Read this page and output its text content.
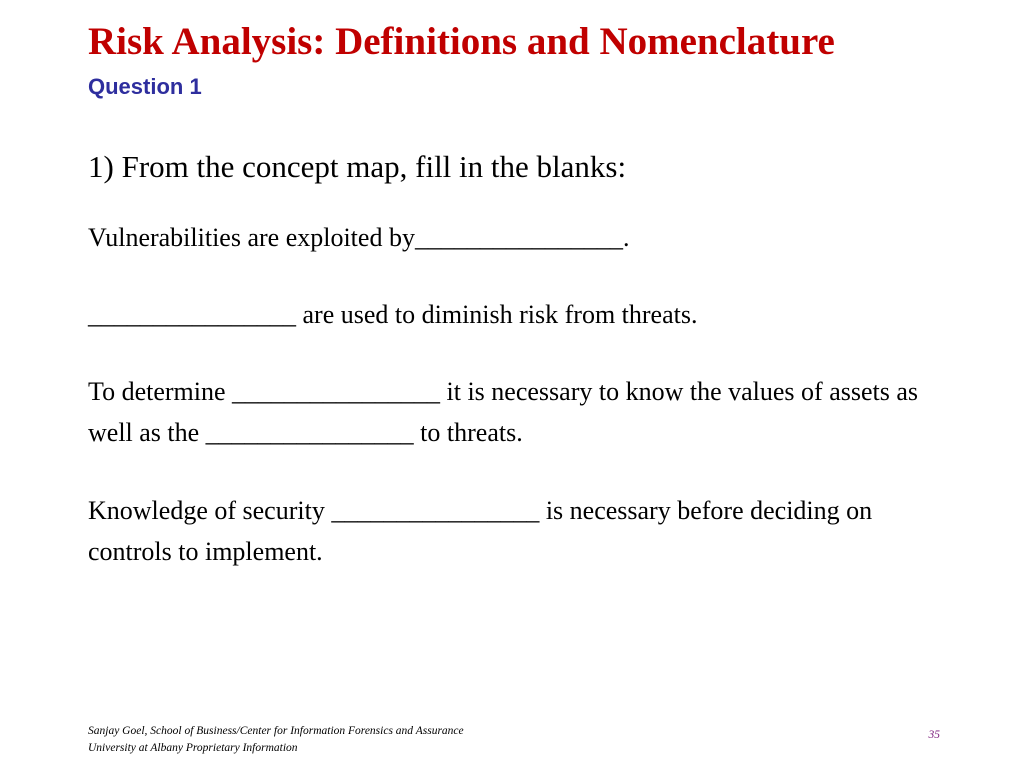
Risk Analysis: Definitions and Nomenclature
Question 1

1) From the concept map, fill in the blanks:

Vulnerabilities are exploited by________________.

________________ are used to diminish risk from threats.

To determine ________________ it is necessary to know the values of assets as well as the ________________ to threats.

Knowledge of security ________________ is necessary before deciding on controls to implement.

Sanjay Goel, School of Business/Center for Information Forensics and Assurance

University at Albany Proprietary Information

35
